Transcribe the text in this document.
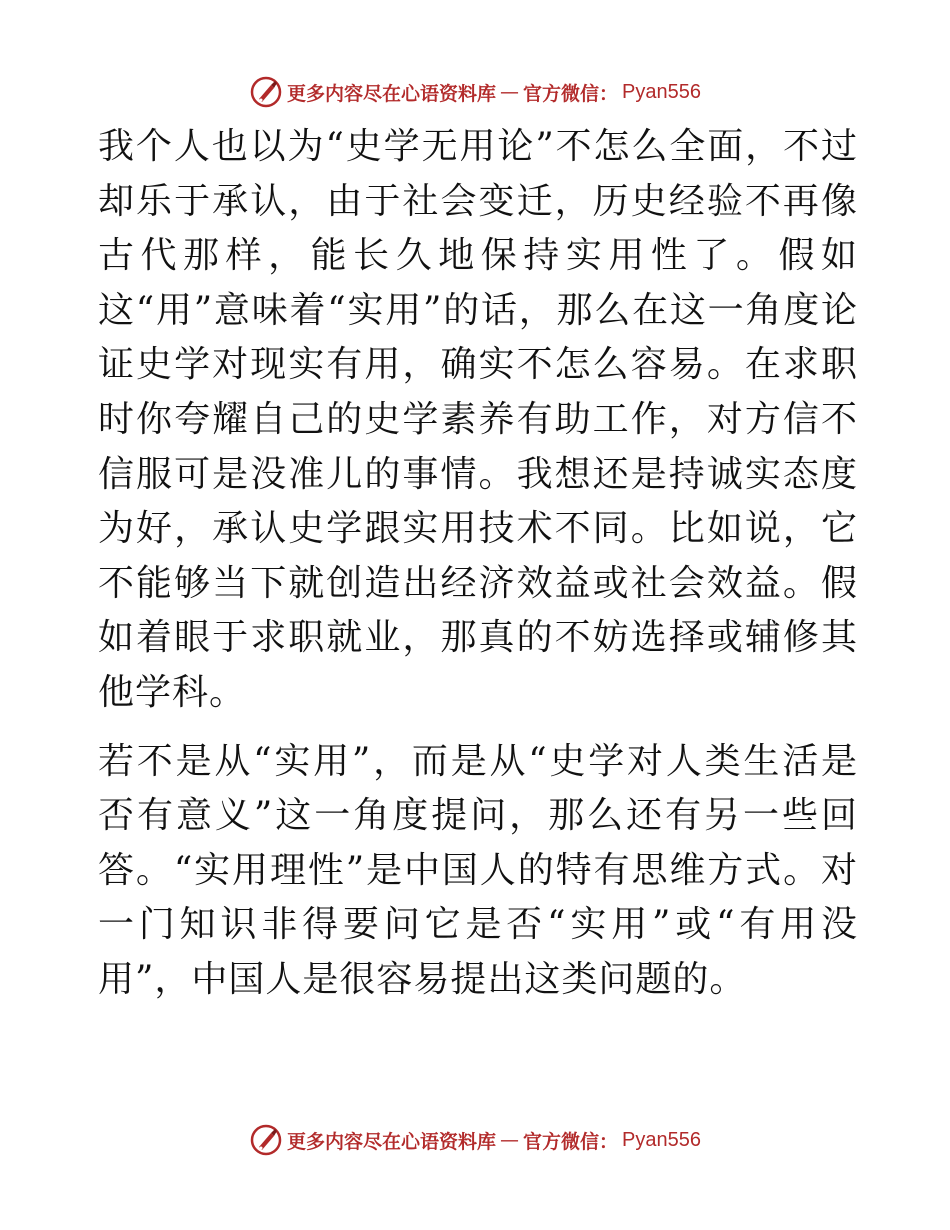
更多内容尽在心语资料库 — 官方微信： Pyan556

我个人也以为“史学无用论”不怎么全面，不过却乐于承认，由于社会变迁，历史经验不再像古代那样，能长久地保持实用性了。假如这“用”意味着“实用”的话，那么在这一角度论证史学对现实有用，确实不怎么容易。在求职时你夸耀自己的史学素养有助工作，对方信不信服可是没准儿的事情。我想还是持诚实态度为好，承认史学跟实用技术不同。比如说，它不能够当下就创造出经济效益或社会效益。假如着眼于求职就业，那真的不妨选择或辅修其他学科。

若不是从“实用”，而是从“史学对人类生活是否有意义”这一角度提问，那么还有另一些回答。“实用理性”是中国人的特有思维方式。对一门知识非得要问它是否“实用”或“有用没用”，中国人是很容易提出这类问题的。

更多内容尽在心语资料库 — 官方微信： Pyan556
